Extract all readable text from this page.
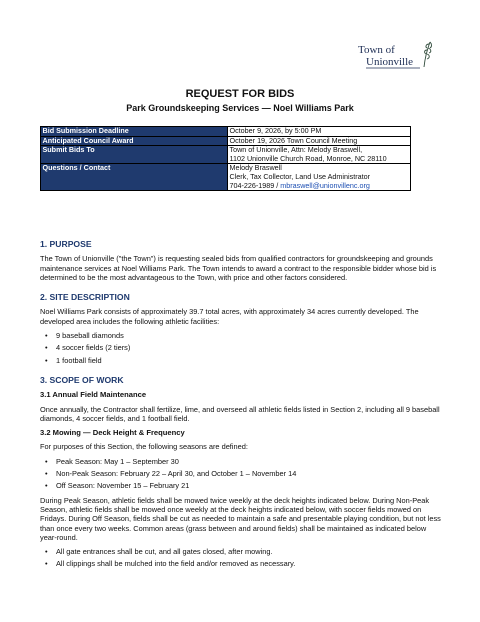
Town of
Unionville
REQUEST FOR BIDS
Park Groundskeeping Services — Noel Williams Park
Bid Submission Deadline	October 9, 2026, by 5:00 PM
Anticipated Council Award	October 19, 2026 Town Council Meeting
Submit Bids To	Town of Unionville, Attn: Melody Braswell,
1102 Unionville Church Road, Monroe, NC 28110
Questions / Contact	Melody Braswell
Clerk, Tax Collector, Land Use Administrator
704-226-1989 / mbraswell@unionvillenc.org
1. PURPOSE

The Town of Unionville ("the Town") is requesting sealed bids from qualified contractors for groundskeeping and grounds maintenance services at Noel Williams Park. The Town intends to award a contract to the responsible bidder whose bid is determined to be the most advantageous to the Town, with price and other factors considered.

2. SITE DESCRIPTION

Noel Williams Park consists of approximately 39.7 total acres, with approximately 34 acres currently developed. The developed area includes the following athletic facilities:

• 9 baseball diamonds
• 4 soccer fields (2 tiers)
• 1 football field
3. SCOPE OF WORK
3.1 Annual Field Maintenance

Once annually, the Contractor shall fertilize, lime, and overseed all athletic fields listed in Section 2, including all 9 baseball diamonds, 4 soccer fields, and 1 football field.

3.2 Mowing — Deck Height & Frequency

For purposes of this Section, the following seasons are defined:

• Peak Season: May 1 – September 30
• Non-Peak Season: February 22 – April 30, and October 1 – November 14
• Off Season: November 15 – February 21

During Peak Season, athletic fields shall be mowed twice weekly at the deck heights indicated below. During Non-Peak Season, athletic fields shall be mowed once weekly at the deck heights indicated below, with soccer fields mowed on Fridays. During Off Season, fields shall be cut as needed to maintain a safe and presentable playing condition, but not less than once every two weeks. Common areas (grass between and around fields) shall be maintained as indicated below year-round.

• All gate entrances shall be cut, and all gates closed, after mowing.
• All clippings shall be mulched into the field and/or removed as necessary.
